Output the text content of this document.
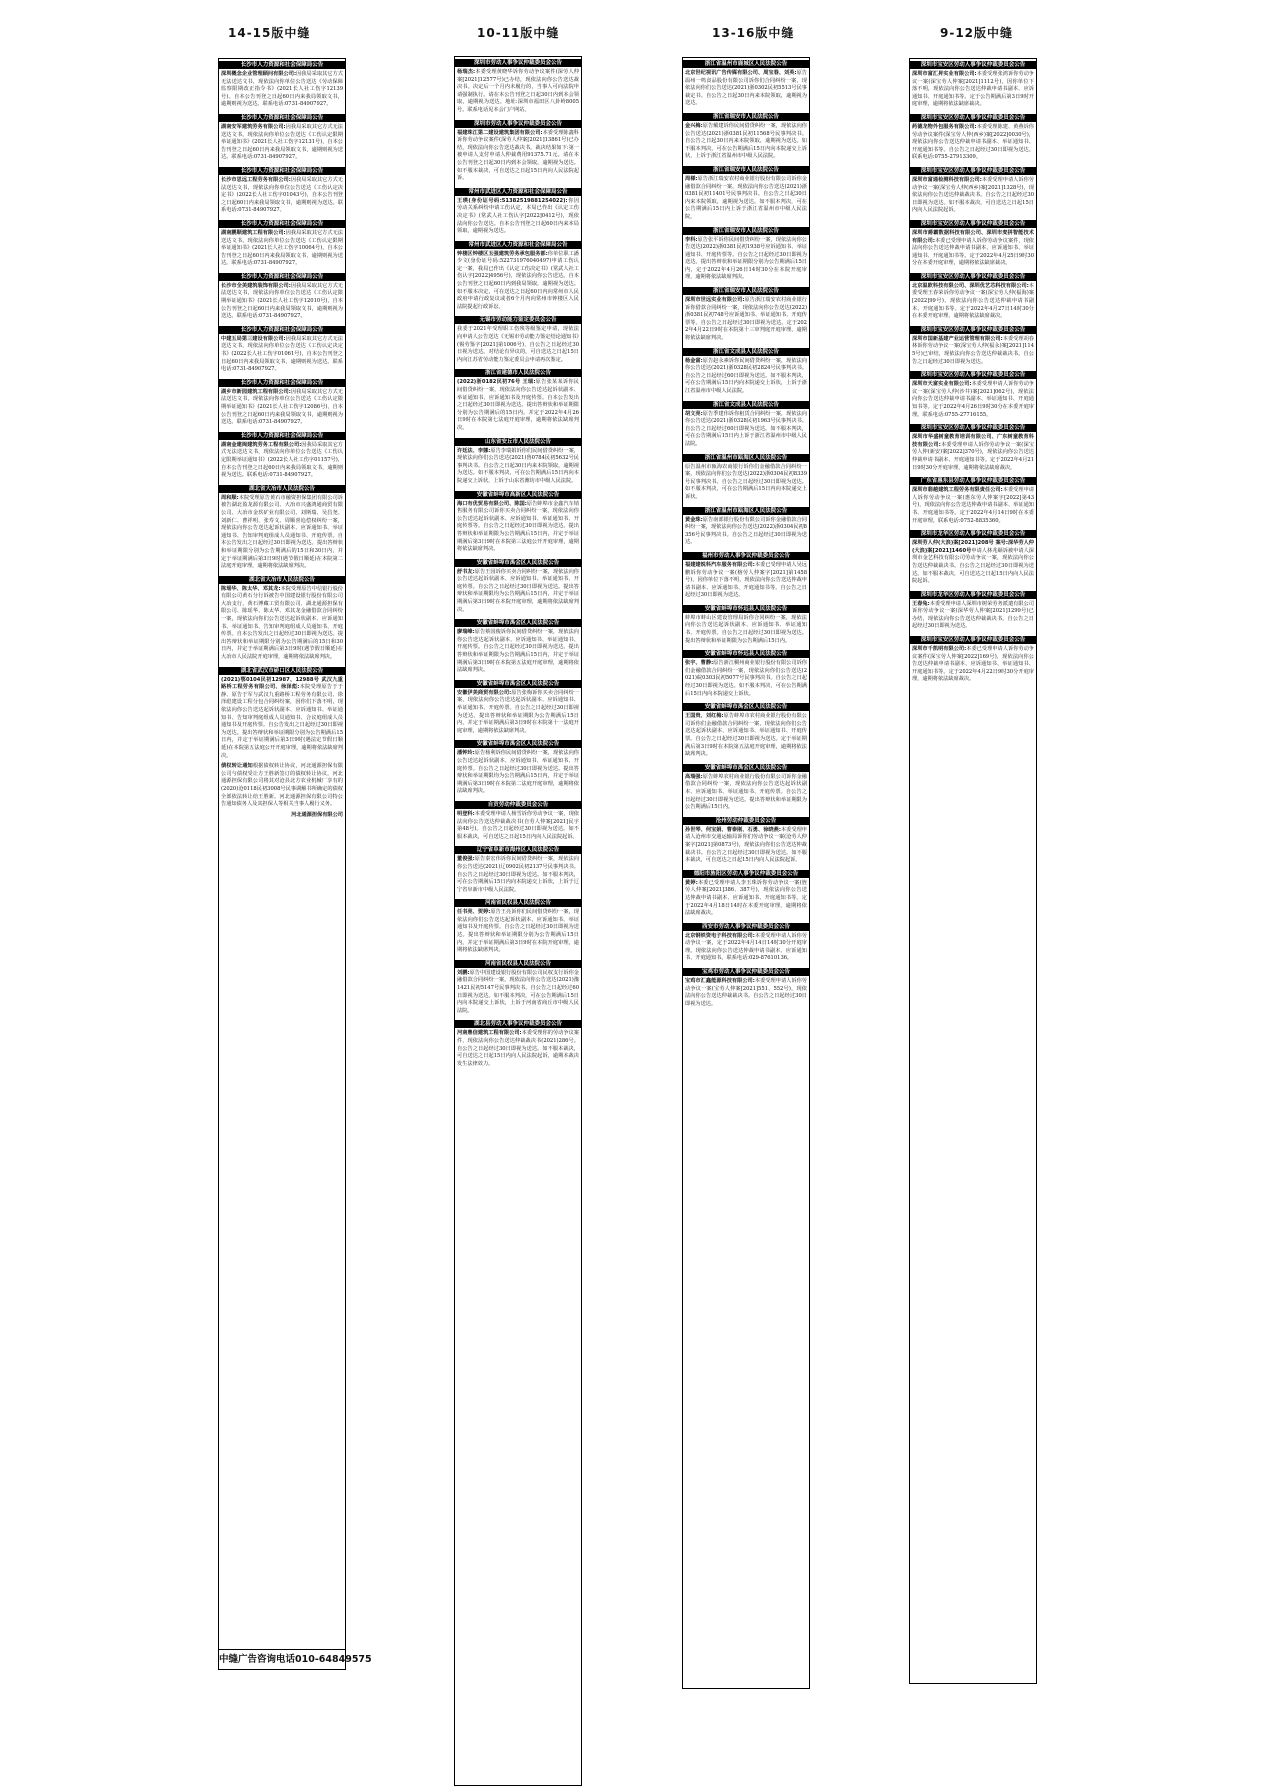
14-15版中缝	10-11版中缝	13-16版中缝	9-12版中缝
长沙市人力资源和社会保障局公告
深圳概念企业管理顾问有限公司:因我局采取其它方式无法送达文书，现依法向你单位公告送达《劳动保障监察限期改正指令书》(2021长人社工伤字12139号)。自本公告刊登之日起60日内来我局领取文书，逾期则视为送达。联系电话:0731-84907927。
长沙市人力资源和社会保障局公告
湖南安军建筑劳务有限公司:因我局采取其它方式无法送达文书，现依法向你单位公告送达《工伤认定限期举证通知书》(2021长人社工伤字12131号)，自本公告刊登之日起60日内来我局领取文书，逾期则视为送达。联系电话:0731-84907927。
长沙市人力资源和社会保障局公告
长沙市思远工程劳务有限公司:因我局采取其它方式无法送达文书，现依法向你单位公告送达《工伤认定决定书》(2022长人社工伤字01043号)，自本公告刊登之日起60日内来我局领取文书，逾期则视为送达。联系电话:0731-84907927。
长沙市人力资源和社会保障局公告
湖南鹏顺建筑工程有限公司:因我局采取其它方式无法送达文书，现依法向你单位公告送达《工伤认定限期举证通知书》(2021长人社工伤字10064号)，自本公告刊登之日起60日内来我局领取文书，逾期则视为送达。联系电话:0731-84907927。
长沙市人力资源和社会保障局公告
长沙市全美建筑装饰有限公司:因我局采取其它方式无法送达文书，现依法向你单位公告送达《工伤认定限期举证通知书》(2021长人社工伤字12010号)，自本公告刊登之日起60日内来我局领取文书，逾期则视为送达。联系电话:0731-84907927。
长沙市人力资源和社会保障局公告
中建五局第三建设有限公司:因我局采取其它方式无法送达文书，现依法向你单位公告送达《工伤认定决定书》(2022长人社工伤字01061号)，自本公告刊登之日起60日内来我局领取文书，逾期则视为送达。联系电话:0731-84907927。
长沙市人力资源和社会保障局公告
湖乡市新园建筑工程有限公司:因我局采取其它方式无法送达文书，现依法向你单位公告送达《工伤认定限期举证通知书》(2021长人社工伤字12086号)，自本公告刊登之日起60日内来我局领取文书，逾期则视为送达。联系电话:0731-84907927。
长沙市人力资源和社会保障局公告
湖南金建闽建筑劳务工程有限公司:因我局采取其它方式无法送达文书，现依法向你单位公告送达《工伤认定限期举证通知书》(2022长人社工伤字01157号)，自本公告刊登之日起60日内来我局领取文书，逾期则视为送达。联系电话:0731-84907927。
湖北省大冶市人民法院公告
周和顺:本院受理原告黄石市融资担保集团有限公司诉被告湖北盈龙源有限公司、大冶市兴盛鸿通商贸有限公司、大冶市金玖矿业有限公司、刘斯瑞、吴昌尧、刘新仁、曹祥明、张寿文、周顺喜追偿权纠纷一案，现依法向你公告送达起诉状副本、应诉通知书、举证通知书、告知审判庭组成人员通知书、开庭传票。自本公告发出之日起经过30日即视为送达。提出答辩状和举证期限分别为公告期满后的15日和30日内，并定于举证期满后第3日9时(遇节假日顺延)在本院第二法庭开庭审理，逾期将依法缺席判决。
湖北省大冶市人民法院公告
陈瑶华、陈太华、邓其龙:本院受理原告中信银行股份有限公司黄石分行诉被告中国建设银行股份有限公司大冶支行、黄石博藏工贸有限公司、湖北通源担保有限公司、陈瑶华、陈太华、邓其龙金融借款合同纠纷一案，现依法向你们公告送达起诉状副本、应诉通知书、举证通知书、告知审判庭组成人员通知书、开庭传票。自本公告发出之日起经过30日即视为送达。提出答辩状和举证期限分别为公告期满后的15日和30日内，并定于举证期满后第3日9时(遇节假日顺延)在大冶市人民法院开庭审理，逾期将依法缺席判决。
湖北省武汉市硚口区人民法院公告
(2021)鄂0104民初12987、12988号 武汉九重路桥工程劳务有限公司、徐泽彪:本院受理原告于于静、原告于军与武汉九重路桥工程劳务有限公司、徐泽彪建设工程分包合同纠纷案，因你们下落不明，现依法向你公告送达起诉状副本、应诉通知书、举证通知书、告知审判庭组成人员通知书、合议庭组成人员通知书及开庭传票。自公告发出之日起经过30日即视为送达。提出答辩状和举证期限分别为公告期满后15日内，并定于举证期满后第3日9时(遇法定节假日顺延)在本院第五法庭公开开庭审理，逾期将依法缺席判决。
债权转让通知根据债权转让协议，河北通源担保有限公司与债权受让方王胜新签订的债权转让协议，河北通源担保有限公司将其对沧县北方农业机械厂享有的(2020)沧0118民初3008号民事调解书所确定的债权全部依法转让给王胜新。河北通源担保有限公司特公告通知债务人及其担保人等相关当事人履行义务。
河北通源担保有限公司
中缝广告咨询电话010-64849575
深圳市劳动人事争议仲裁委员会公告
杨瑞杰:本委受理黄晓华诉你劳动争议案件(深劳人仲案[2021]12577号)已办结，现依法向你公告送达裁决书。决定后一个月内未履行的，当事人可向法院申请强制执行。请在本公告刊登之日起30日内到本会领取，逾期视为送达。地址:深圳市福田区八卦岭8005号。联系电话见本会门户网站。
深圳市劳动人事争议仲裁委员会公告
福建珠江第二建设建筑集团有限公司:本委受理陈鑫科诉你劳动争议案件(深劳人仲案[2021]13861号)已办结，现依法向你公告送达裁决书。裁决结果如下:第一被申请人支付申请人仲裁费用91375.71元。请在本公告刊登之日起30日内到本会领取，逾期视为送达。如不服本裁决，可自送达之日起15日内向人民法院起诉。
常州市武进区人力资源和社会保障局公告
王瑛(身份证号码:51382519881254022):你因劳动关系纠纷申请工伤认定，本局已作出《认定工伤决定书》(常武人社工伤认字[2022]0412号)，现依法向你公告送达。自本公告刊登之日起60日内来本局领取，逾期视为送达。
常州市武进区人力资源和社会保障局公告
钟楼区钟楼区玉强建筑劳务承包服务部:你单位职工潘少文(身份证号码:522731976040497)申请工伤认定一案，我局已作出《认定工伤决定书》(常武人社工伤认字[2022]4956号)，现依法向你公告送达。自本公告刊登之日起60日内到我局领取，逾期视为送达。如不服本决定，可在送达之日起60日内向常州市人民政府申请行政复议或者6个月内向常州市钟楼区人民法院提起行政诉讼。
无锡市劳动能力鉴定委员会公告
我委于2021年受理职工伤残等级鉴定申请，现依法向申请人公告送达《无锡市劳动能力鉴定结论通知书》(锡劳鉴字[2021]第1006号)，自公告之日起经过30日视为送达。对结论有异议的，可自送达之日起15日内向江苏省劳动能力鉴定委员会申请再次鉴定。
浙江省建德市人民法院公告
(2022)浙0182民初76号 王瑞:原告张某某诉你民间借贷纠纷一案，现依法向你公告送达起诉状副本、举证通知书、应诉通知书及开庭传票。自本公告发出之日起经过30日即视为送达。提出答辩状和举证期限分别为公告期满后的15日内，并定于2022年4月26日9时在本院第七法庭开庭审理，逾期将依法缺席判决。
山东省安丘市人民法院公告
许廷法、李娜:原告李瑞娟诉你们民间借贷纠纷一案，现依法向你们公告送达(2021)鲁0784民初5632号民事判决书。自公告之日起30日内来本院领取，逾期视为送达。如不服本判决，可在公告期满后15日内向本院递交上诉状，上诉于山东省潍坊市中级人民法院。
安徽省蚌埠市高新区人民法院公告
海口有优贸易有限公司、陈国:原告蚌埠市金鑫汽车销售服务有限公司诉你买卖合同纠纷一案，现依法向你公告送达起诉状副本、应诉通知书、举证通知书、开庭传票等。自公告之日起经过30日即视为送达。提出答辩状和举证期限为公告期满后15日内，并定于举证期满后第3日9时在本院第三法庭公开开庭审理，逾期将依法缺席判决。
安徽省蚌埠市禹会区人民法院公告
舒书友:原告王园诉你买卖合同纠纷一案，现依法向你公告送达起诉状副本、应诉通知书、举证通知书、开庭传票。自公告之日起经过30日即视为送达。提出答辩状和举证期限均为公告期满后15日内，并定于举证期满后第3日9时在本院开庭审理，逾期将依法缺席判决。
安徽省蚌埠市禹会区人民法院公告
廖瑞峰:原告蔡国俊诉你民间借贷纠纷一案，现依法向你公告送达起诉状副本、应诉通知书、举证通知书、开庭传票。自公告之日起经过30日即视为送达。提出答辩状和举证期限为公告期满后15日内，并定于举证期满后第3日9时在本院第五法庭开庭审理，逾期将依法缺席判决。
安徽省蚌埠市禹会区人民法院公告
安徽伊美商贸有限公司:原告张梅诉你买卖合同纠纷一案，现依法向你公告送达起诉状副本、应诉通知书、举证通知书、开庭传票。自公告之日起经过30日即视为送达。提出答辩状和举证期限为公告期满后15日内，并定于举证期满后第3日9时在本院第十一法庭开庭审理，逾期将依法缺席判决。
安徽省蚌埠市禹会区人民法院公告
潘钟玲:原告杨利诉你民间借贷纠纷一案，现依法向你公告送达起诉状副本、应诉通知书、举证通知书、开庭传票。自公告之日起经过30日即视为送达。提出答辩状和举证期限均为公告期满后15日内，并定于举证期满后第3日9时在本院第二法庭开庭审理，逾期将依法缺席判决。
自贡劳动仲裁委员会公告
明登科:本委受理申请人杨雪诉你劳动争议一案，现依法向你公告送达仲裁裁决书(自劳人仲案[2021]民字第48号)。自公告之日起经过30日即视为送达。如不服本裁决，可自送达之日起15日内向人民法院起诉。
辽宁省阜新市海州区人民法院公告
董俊强:原告秦宏伟诉你民间借贷纠纷一案，现依法向你公告送达(2021)辽0902民初2137号民事判决书。自公告之日起经过30日即视为送达。如不服本判决，可在公告期满后15日内向本院递交上诉状，上诉于辽宁省阜新市中级人民法院。
河南省民权县人民法院公告
任书亮、贺婷:原告王亮诉你们民间借贷纠纷一案，现依法向你们公告送达起诉状副本、应诉通知书、举证通知书及开庭传票。自公告之日起经过30日即视为送达。提出答辩状和举证期限分别为公告期满后15日内，并定于举证期满后第3日9时在本院开庭审理，逾期将依法缺席判决。
河南省民权县人民法院公告
刘鹏:原告中国建设银行股份有限公司民权支行诉你金融借款合同纠纷一案，现依法向你公告送达(2021)豫1421民初5147号民事判决书。自公告之日起经过60日即视为送达。如不服本判决，可在公告期满后15日内向本院递交上诉状，上诉于河南省商丘市中级人民法院。
湖北县劳动人事争议仲裁委员会公告
河南鼎信建筑工程有限公司:本委受理你的劳动争议案件，现依法向你公告送达仲裁裁决书(2021)286号。自公告之日起经过30日即视为送达。如不服本裁决，可自送达之日起15日内向人民法院起诉，逾期本裁决发生法律效力。
浙江省温州市鹿城区人民法院公告
北京世纪视讯广告传媒有限公司、周宝春、刘英:原告温州一鸣食品股份有限公司诉你们合同纠纷一案，现依法向你们公告送达(2021)浙0302民初5513号民事裁定书。自公告之日起30日内来本院领取，逾期视为送达。
浙江省瑞安市人民法院公告
金兴梅:原告戴建诉你民间借贷纠纷一案，现依法向你公告送达(2021)浙0381民初11568号民事判决书。自公告之日起30日内来本院领取，逾期视为送达。如不服本判决，可在公告期满后15日内向本院递交上诉状，上诉于浙江省温州市中级人民法院。
浙江省瑞安市人民法院公告
周様:原告浙江瑞安农村商业银行股份有限公司诉你金融借款合同纠纷一案，现依法向你公告送达(2021)浙0381民初11401号民事判决书。自公告之日起30日内来本院领取，逾期视为送达。如不服本判决，可在公告期满后15日内上诉于浙江省温州市中级人民法院。
浙江省瑞安市人民法院公告
李科:原告张平诉你民间借贷纠纷一案，现依法向你公告送达(2022)浙0381民初1938号应诉通知书、举证通知书、开庭传票等。自公告之日起经过30日即视为送达。提出答辩状和举证期限分别为公告期满后15日内，定于2022年4月26日14时30分在本院开庭审理，逾期将依法缺席判决。
浙江省瑞安市人民法院公告
深圳市世远实业有限公司:原告浙江瑞安农村商业银行诉你借款合同纠纷一案，现依法向你公告送达(2022)浙0381民初748号应诉通知书、举证通知书、开庭传票等。自公告之日起经过30日即视为送达。定于2022年4月22日9时在本院第十三审判庭开庭审理，逾期将依法缺席判决。
浙江省文成县人民法院公告
杨金富:原告赵永素诉你民间借贷纠纷一案，现依法向你公告送达(2021)浙0328民初2824号民事判决书。自公告之日起经过60日即视为送达。如不服本判决，可在公告期满后15日内向本院递交上诉状，上诉于浙江省温州市中级人民法院。
浙江省文成县人民法院公告
胡文亮:原告季建伟诉你租赁合同纠纷一案，现依法向你公告送达(2021)浙0328民初1963号民事判决书。自公告之日起经过60日即视为送达。如不服本判决，可在公告期满后15日内上诉于浙江省温州市中级人民法院。
浙江省温州市瓯海区人民法院公告
原告温州市瓯海农商银行诉你们金融借款合同纠纷一案，现依法向你们公告送达(2022)浙0304民初8339号民事判决书。自公告之日起经过30日即视为送达。如不服本判决，可在公告期满后15日内向本院递交上诉状。
浙江省温州市瓯海区人民法院公告
黄金珠:原告南部银行股份有限公司诉你金融借款合同纠纷一案，现依法向你公告送达(2022)浙0304民初8356号民事判决书。自公告之日起经过30日即视为送达。
福州市劳动人事争议仲裁委员会公告
福建建锐科汽车服务有限公司:本委已受理申请人吴远鹏诉你劳动争议一案(榕劳人仲案字[2021]第1458号)，因你单位下落不明，现依法向你公告送达仲裁申请书副本、应诉通知书、开庭通知书等。自公告之日起经过30日即视为送达。
安徽省蚌埠市怀远县人民法院公告
蚌埠市蚌山区建设管理局诉你合同纠纷一案，现依法向你公告送达起诉状副本、应诉通知书、举证通知书、开庭传票。自公告之日起经过30日即视为送达。提出答辩状和举证期限为公告期满后15日内。
安徽省蚌埠市怀远县人民法院公告
张宇、曹静:原告浙江稠州商业银行股份有限公司诉你们金融借款合同纠纷一案，现依法向你们公告送达(2021)皖0303民初5077号民事判决书。自公告之日起经过30日即视为送达。如不服本判决，可在公告期满后15日内向本院递交上诉状。
安徽省蚌埠市禹会区人民法院公告
王国贵、刘红梅:原告蚌埠市农村商业银行股份有限公司诉你们金融借款合同纠纷一案，现依法向你们公告送达起诉状副本、应诉通知书、举证通知书、开庭传票。自公告之日起经过30日即视为送达。定于举证期满后第3日9时在本院第五法庭开庭审理，逾期将依法缺席判决。
安徽省蚌埠市禹会区人民法院公告
高瑞强:原告蚌埠农村商业银行股份有限公司诉你金融借款合同纠纷一案，现依法向你公告送达起诉状副本、应诉通知书、举证通知书、开庭传票。自公告之日起经过30日即视为送达。提出答辩状和举证期限为公告期满后15日内。
沧州劳动仲裁委员会公告
孙世琴、何宝娟、曹泰刚、石勇、徐晓燕:本委受理申请人沧州市交通运输局诉你们劳动争议一案(沧劳人仲案字[2021]第0873号)，现依法向你们公告送达仲裁裁决书。自公告之日起经过30日即视为送达。如不服本裁决，可自送达之日起15日内向人民法院起诉。
德阳市旌阳区劳动人事争议仲裁委员会公告
黄婷:本委已受理申请人李玉珠诉你劳动争议一案(旌劳人仲案[2021]386、387号)，现依法向你公告送达仲裁申请书副本、应诉通知书、开庭通知书等。定于2022年4月18日14时在本委开庭审理，逾期将依法缺席裁决。
西安市劳动人事争议仲裁委员会公告
北京钢铁资电子科技有限公司:本委受理申请人诉你劳动争议一案，定于2022年4月14日14时30分开庭审理。现依法向你公告送达仲裁申请书副本、应诉通知书、开庭通知书。联系电话:029-87610136。
宝鸡市劳动人事争议仲裁委员会公告
宝鸡市汇鑫能源科技有限公司:本委受理申请人诉你劳动争议一案(宝劳人仲案[2021]551、552号)，现依法向你公告送达仲裁裁决书。自公告之日起经过30日即视为送达。
深圳市宝安区劳动人事争议仲裁委员会公告
深圳市富汇昇实业有限公司:本委受理张鸿诉你劳动争议一案(深宝劳人仲案[2021]1112号)，因你单位下落不明，现依法向你公告送达仲裁申请书副本、应诉通知书、开庭通知书等。定于公告期满后第3日9时开庭审理，逾期将依法缺席裁决。
深圳市宝安区劳动人事争议仲裁委员会公告
药德龙物外包服务有限公司:本委受理陈建、黄燕诉你劳动争议案件(深宝劳人仲(西乡)案[2022]0030号)，现依法向你公告送达仲裁申请书副本、举证通知书、开庭通知书等。自公告之日起经过30日即视为送达。联系电话:0755-27913309。
深圳市宝安区劳动人事争议仲裁委员会公告
深圳市富通检测科技有限公司:本委受理申请人诉你劳动争议一案(深宝劳人仲(西乡)案[2021]1328号)，现依法向你公告送达仲裁裁决书。自公告之日起经过30日即视为送达。如不服本裁决，可自送达之日起15日内向人民法院起诉。
深圳市宝安区劳动人事争议仲裁委员会公告
深圳市爵霸数据科技有限公司、深圳市麦拼智能技术有限公司:本委已受理申请人诉你劳动争议案件，现依法向你公告送达仲裁申请书副本、应诉通知书、举证通知书、开庭通知书等。定于2022年4月25日9时30分在本委开庭审理，逾期将依法缺席裁决。
深圳市宝安区劳动人事争议仲裁委员会公告
北京温欧科技有限公司、深圳优艺芯科技有限公司:本委受理王春荣诉你劳动争议一案(深宝劳人仲(福海)案[2022]99号)，现依法向你公告送达仲裁申请书副本、开庭通知书等。定于2022年4月27日14时30分在本委开庭审理，逾期将依法缺席裁决。
深圳市宝安区劳动人事争议仲裁委员会公告
深圳市国新基建产业运营管理有限公司:本委受理胡春林诉你劳动争议一案(深宝劳人仲(福永)案[2021]1145号)已审结，现依法向你公告送达仲裁裁决书。自公告之日起经过30日即视为送达。
深圳市宝安区劳动人事争议仲裁委员会公告
深圳市天富实业有限公司:本委受理申请人诉你劳动争议一案(深宝劳人仲(沙井)案[2021]062号)，现依法向你公告送达仲裁申请书副本、举证通知书、开庭通知书等。定于2022年4月26日9时30分在本委开庭审理。联系电话:0755-27716155。
深圳市宝安区劳动人事争议仲裁委员会公告
深圳市华盛树童教育培训有限公司、广东树童教育科技有限公司:本委受理申请人诉你劳动争议一案(深宝劳人仲(新安)案[2022]370号)，现依法向你公告送达仲裁申请书副本、开庭通知书等。定于2022年4月21日9时30分开庭审理，逾期将依法缺席裁决。
广东省惠东县劳动人事争议仲裁委员会公告
深圳市翡越建筑工程劳务有限责任公司:本委受理申请人诉你劳动争议一案(惠东劳人仲案字[2022]第43号)，现依法向你公告送达仲裁申请书副本、举证通知书、开庭通知书等。定于2022年4月14日9时在本委开庭审理。联系电话:0752-8835360。
深圳市龙华区劳动人事争议仲裁委员会公告
深圳劳人仲(大浪)案[2021]208号 案号:深华劳人仲(大浪)案[2021]1460号申请人林兆颐诉被申请人深圳市金艺科技有限公司劳动争议一案，现依法向你公告送达仲裁裁决书。自公告之日起经过30日即视为送达。如不服本裁决，可自送达之日起15日内向人民法院起诉。
深圳市龙华区劳动人事争议仲裁委员会公告
王春兔:本委受理申请人深圳市树荣劳务派遣有限公司诉你劳动争议一案(深华劳人仲案[2021]1299号)已办结，现依法向你公告送达仲裁裁决书。自公告之日起经过30日即视为送达。
深圳市宝安区劳动人事争议仲裁委员会公告
深圳市千凯明有限公司:本委已受理申请人诉你劳动争议案件(深宝劳人仲案[2022]169号)，现依法向你公告送达仲裁申请书副本、应诉通知书、举证通知书、开庭通知书等。定于2022年4月22日9时30分开庭审理，逾期将依法缺席裁决。
